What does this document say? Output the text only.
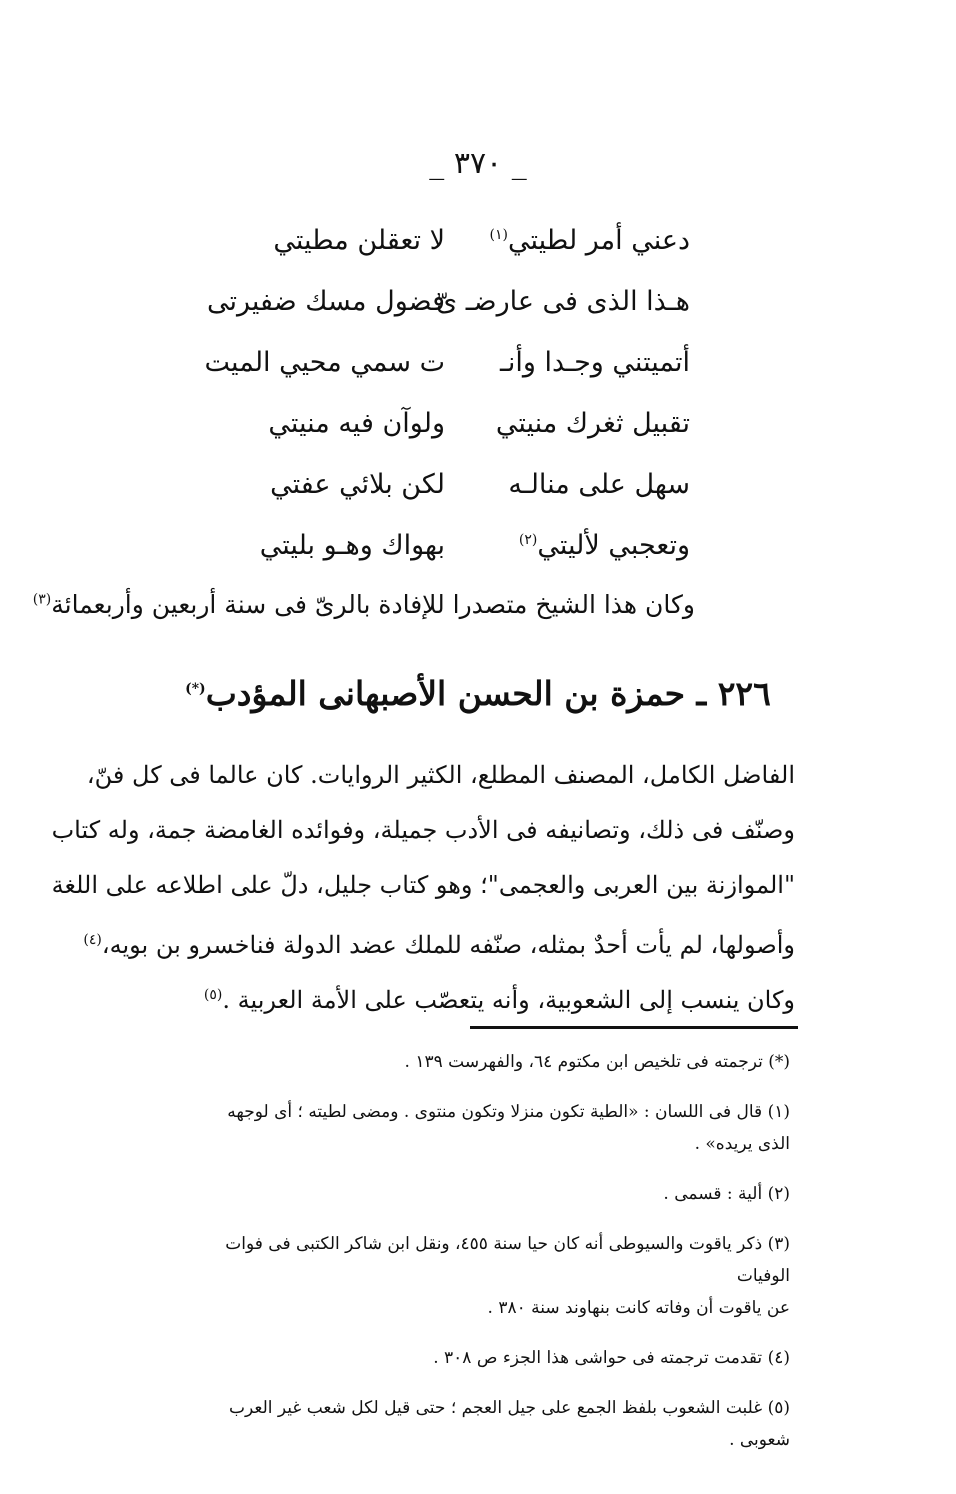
_ ٣٧٠ _
دعني أمر لطيتي$^{(١)}$
لا تعقلن مطيتي
هـذا الذى فى عارضـ ىّ
فضول مسك ضفيرتى
أتميتني وجـدا وأنـ
ت سمي محيي الميت
تقبيل ثغرك منيتي
ولوآن فيه منيتي
سهل على منالـه
لكن بلائي عفتي
وتعجبي لأليتي$^{(٢)}$
بهواك وهـو بليتي
وكان هذا الشيخ متصدرا للإفادة بالرىّ فى سنة أربعين وأربعمائة$^{(٣)}$
٢٢٦ ـ حمزة بن الحسن الأصبهانى المؤدب(*)
الفاضل الكامل، المصنف المطلع، الكثير الروايات. كان عالما فى كل فنّ،
وصنّف فى ذلك، وتصانيفه فى الأدب جميلة، وفوائده الغامضة جمة، وله كتاب
"الموازنة بين العربى والعجمى"؛ وهو كتاب جليل، دلّ على اطلاعه على اللغة
وأصولها، لم يأت أحدٌ بمثله، صنّفه للملك عضد الدولة فناخسرو بن بويه،$^{(٤)}$
وكان ينسب إلى الشعوبية، وأنه يتعصّب على الأمة العربية .$^{(٥)}$
(*) ترجمته فى تلخيص ابن مكتوم ٦٤، والفهرست ١٣٩ .
(١) قال فى اللسان : «الطية تكون منزلا وتكون منتوى . ومضى لطيته ؛ أى لوجهه الذى يريده» .
(٢) ألية : قسمى .
(٣) ذكر ياقوت والسيوطى أنه كان حيا سنة ٤٥٥، ونقل ابن شاكر الكتبى فى فوات الوفيات
عن ياقوت أن وفاته كانت بنهاوند سنة ٣٨٠ .
(٤) تقدمت ترجمته فى حواشى هذا الجزء ص ٣٠٨ .
(٥) غلبت الشعوب بلفظ الجمع على جيل العجم ؛ حتى قيل لكل شعب غير العرب شعوبى .
